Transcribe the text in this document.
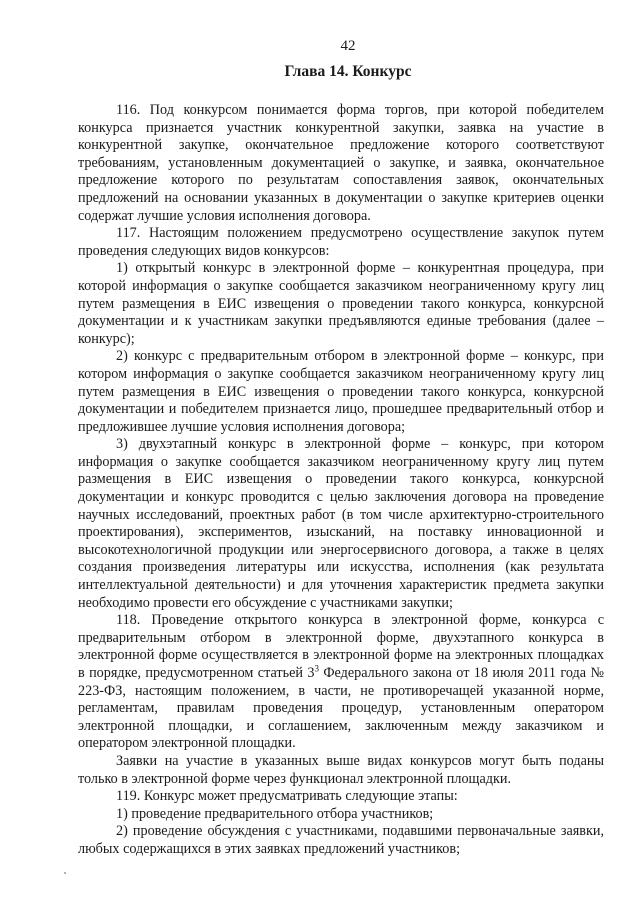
42
Глава 14. Конкурс

116. Под конкурсом понимается форма торгов, при которой победителем конкурса признается участник конкурентной закупки, заявка на участие в конкурентной закупке, окончательное предложение которого соответствуют требованиям, установленным документацией о закупке, и заявка, окончательное предложение которого по результатам сопоставления заявок, окончательных предложений на основании указанных в документации о закупке критериев оценки содержат лучшие условия исполнения договора.

117. Настоящим положением предусмотрено осуществление закупок путем проведения следующих видов конкурсов:

1) открытый конкурс в электронной форме – конкурентная процедура, при которой информация о закупке сообщается заказчиком неограниченному кругу лиц путем размещения в ЕИС извещения о проведении такого конкурса, конкурсной документации и к участникам закупки предъявляются единые требования (далее – конкурс);

2) конкурс с предварительным отбором в электронной форме – конкурс, при котором информация о закупке сообщается заказчиком неограниченному кругу лиц путем размещения в ЕИС извещения о проведении такого конкурса, конкурсной документации и победителем признается лицо, прошедшее предварительный отбор и предложившее лучшие условия исполнения договора;

3) двухэтапный конкурс в электронной форме – конкурс, при котором информация о закупке сообщается заказчиком неограниченному кругу лиц путем размещения в ЕИС извещения о проведении такого конкурса, конкурсной документации и конкурс проводится с целью заключения договора на проведение научных исследований, проектных работ (в том числе архитектурно-строительного проектирования), экспериментов, изысканий, на поставку инновационной и высокотехнологичной продукции или энергосервисного договора, а также в целях создания произведения литературы или искусства, исполнения (как результата интеллектуальной деятельности) и для уточнения характеристик предмета закупки необходимо провести его обсуждение с участниками закупки;

118. Проведение открытого конкурса в электронной форме, конкурса с предварительным отбором в электронной форме, двухэтапного конкурса в электронной форме осуществляется в электронной форме на электронных площадках в порядке, предусмотренном статьей $3^3$ Федерального закона от 18 июля 2011 года № 223-ФЗ, настоящим положением, в части, не противоречащей указанной норме, регламентам, правилам проведения процедур, установленным оператором электронной площадки, и соглашением, заключенным между заказчиком и оператором электронной площадки.

Заявки на участие в указанных выше видах конкурсов могут быть поданы только в электронной форме через функционал электронной площадки.

119. Конкурс может предусматривать следующие этапы:

1) проведение предварительного отбора участников;

2) проведение обсуждения с участниками, подавшими первоначальные заявки, любых содержащихся в этих заявках предложений участников;
